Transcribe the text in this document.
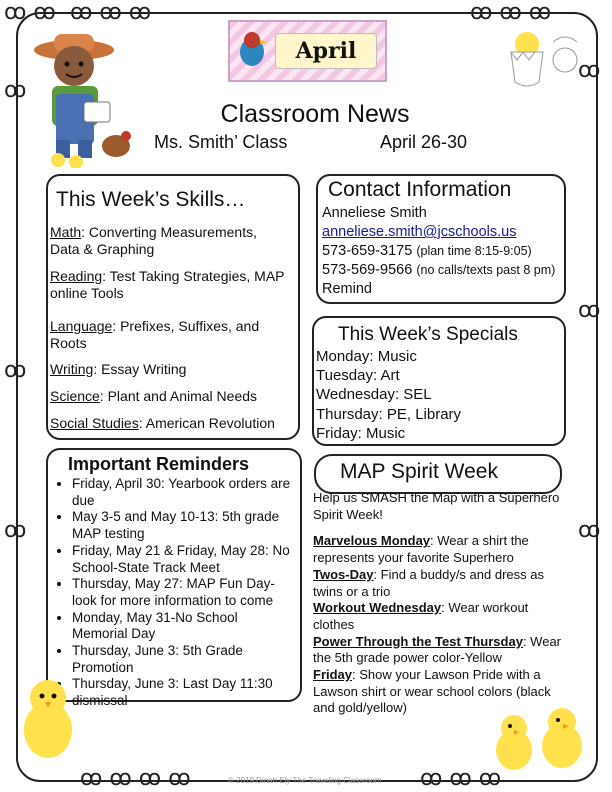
ꝏ ꝏ
ꝏ
ꝏ
ꝏ
ꝏ ꝏ ꝏ	ꝏ ꝏ ꝏ
ꝏ
ꝏ
ꝏ
ꝏ ꝏ ꝏ ꝏ	ꝏ ꝏ ꝏ
April
Classroom News
Ms. Smith’ Class	April 26-30
This Week’s Skills…

Math: Converting Measurements, Data & Graphing

Reading: Test Taking Strategies, MAP online Tools

Language: Prefixes, Suffixes, and Roots

Writing: Essay Writing

Science: Plant and Animal Needs

Social Studies: American Revolution

Contact Information
Anneliese Smith
anneliese.smith@jcschools.us
573-659-3175 (plan time 8:15-9:05)
573-569-9566 (no calls/texts past 8 pm)
Remind
This Week’s Specials
Monday: Music
Tuesday: Art
Wednesday: SEL
Thursday: PE, Library
Friday: Music
Important Reminders
• Friday, April 30: Yearbook orders are due
• May 3-5 and May 10-13: 5th grade MAP testing
• Friday, May 21 & Friday, May 28: No School-State Track Meet
• Thursday, May 27: MAP Fun Day- look for more information to come
• Monday, May 31-No School Memorial Day
• Thursday, June 3: 5th Grade Promotion
• Thursday, June 3: Last Day 11:30 dismissal
MAP Spirit Week
Help us SMASH the Map with a Superhero Spirit Week!
Marvelous Monday: Wear a shirt the represents your favorite Superhero
Twos-Day: Find a buddy/s and dress as twins or a trio
Workout Wednesday: Wear workout clothes
Power Through the Test Thursday: Wear the 5th grade power color-Yellow
Friday: Show your Lawson Pride with a Lawson shirt or wear school colors (black and gold/yellow)
© 2019 Dinah Ely The Traveling Classroom
